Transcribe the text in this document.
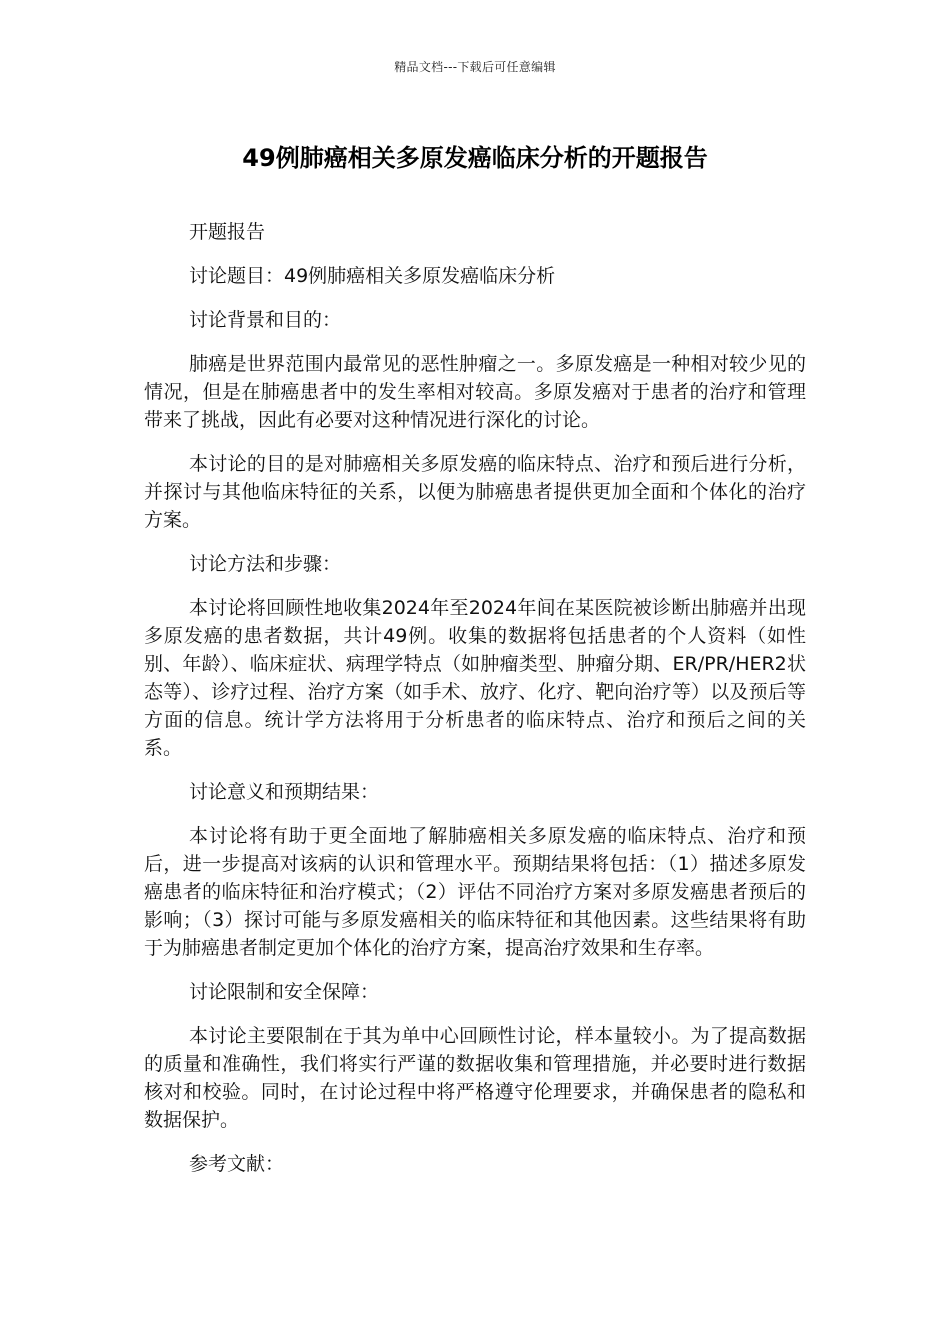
精品文档---下载后可任意编辑
49例肺癌相关多原发癌临床分析的开题报告

开题报告

讨论题目：49例肺癌相关多原发癌临床分析

讨论背景和目的：

肺癌是世界范围内最常见的恶性肿瘤之一。多原发癌是一种相对较少见的情况，但是在肺癌患者中的发生率相对较高。多原发癌对于患者的治疗和管理带来了挑战，因此有必要对这种情况进行深化的讨论。

本讨论的目的是对肺癌相关多原发癌的临床特点、治疗和预后进行分析，并探讨与其他临床特征的关系，以便为肺癌患者提供更加全面和个体化的治疗方案。

讨论方法和步骤：

本讨论将回顾性地收集2024年至2024年间在某医院被诊断出肺癌并出现多原发癌的患者数据，共计49例。收集的数据将包括患者的个人资料（如性别、年龄）、临床症状、病理学特点（如肿瘤类型、肿瘤分期、ER/PR/HER2状态等）、诊疗过程、治疗方案（如手术、放疗、化疗、靶向治疗等）以及预后等方面的信息。统计学方法将用于分析患者的临床特点、治疗和预后之间的关系。

讨论意义和预期结果：

本讨论将有助于更全面地了解肺癌相关多原发癌的临床特点、治疗和预后，进一步提高对该病的认识和管理水平。预期结果将包括：（1）描述多原发癌患者的临床特征和治疗模式；（2）评估不同治疗方案对多原发癌患者预后的影响；（3）探讨可能与多原发癌相关的临床特征和其他因素。这些结果将有助于为肺癌患者制定更加个体化的治疗方案，提高治疗效果和生存率。

讨论限制和安全保障：

本讨论主要限制在于其为单中心回顾性讨论，样本量较小。为了提高数据的质量和准确性，我们将实行严谨的数据收集和管理措施，并必要时进行数据核对和校验。同时，在讨论过程中将严格遵守伦理要求，并确保患者的隐私和数据保护。

参考文献：
